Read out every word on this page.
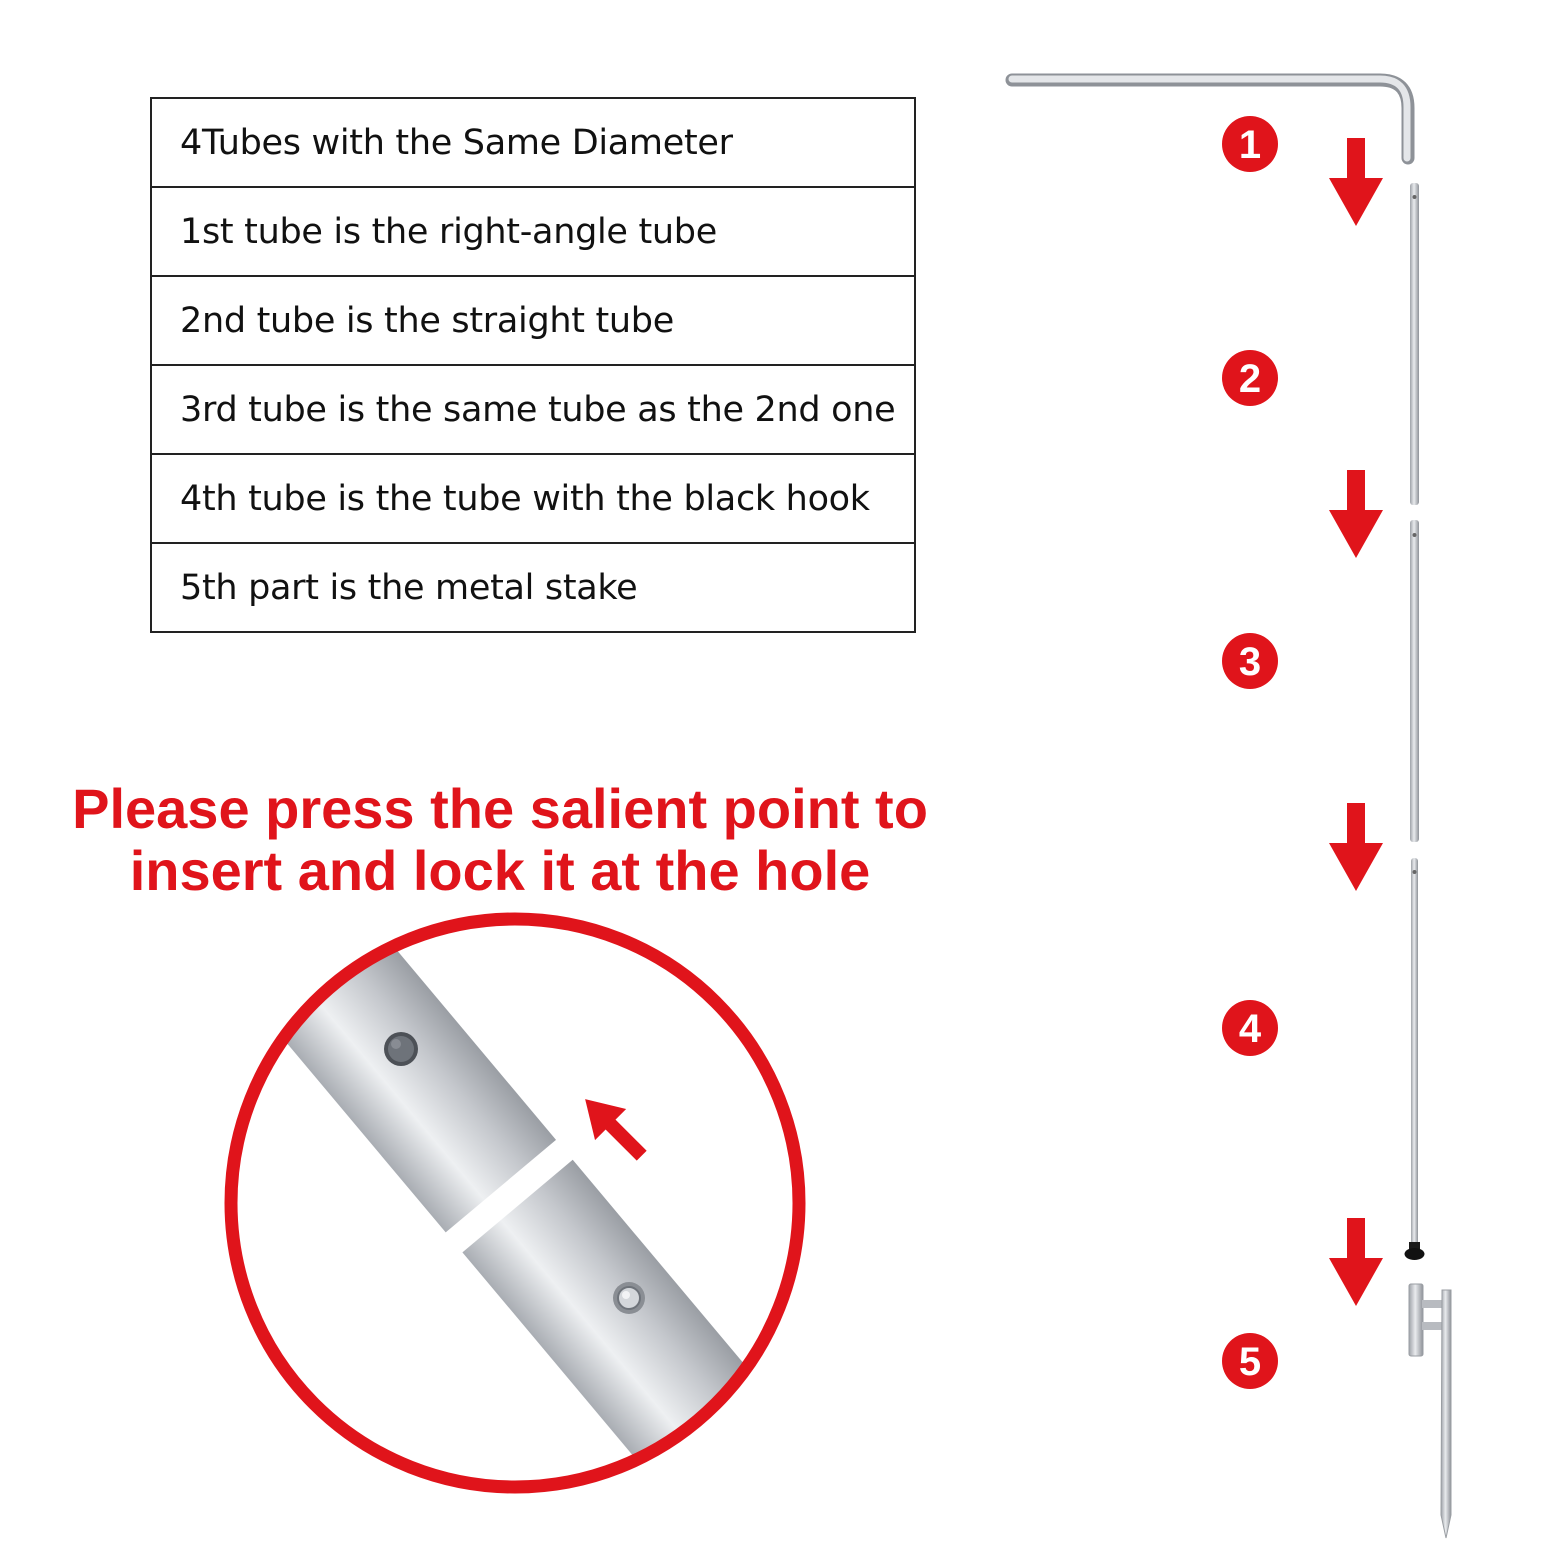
4Tubes with the Same Diameter
1st tube is the right-angle tube
2nd tube is the straight tube
3rd tube is the same tube as the 2nd one
4th tube is the tube with the black hook
5th part is the metal stake
Please press the salient point to
insert and lock it at the hole
1
2
3
4
5
